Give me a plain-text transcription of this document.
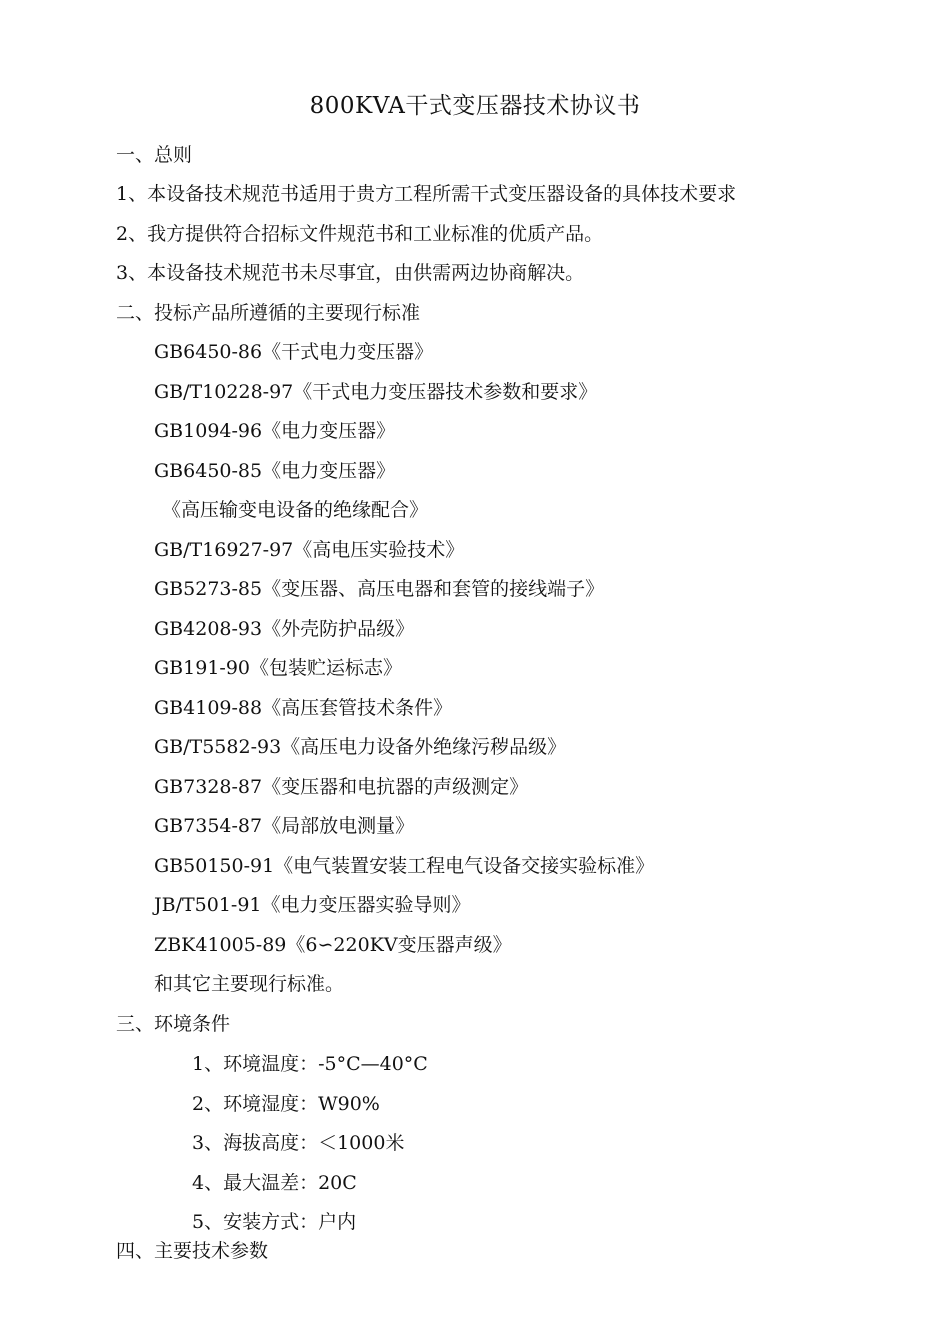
800KVA干式变压器技术协议书
一、总则
1、本设备技术规范书适用于贵方工程所需干式变压器设备的具体技术要求
2、我方提供符合招标文件规范书和工业标准的优质产品。
3、本设备技术规范书未尽事宜，由供需两边协商解决。
二、投标产品所遵循的主要现行标准
GB6450-86《干式电力变压器》
GB/T10228-97《干式电力变压器技术参数和要求》
GB1094-96《电力变压器》
GB6450-85《电力变压器》
《高压输变电设备的绝缘配合》
GB/T16927-97《高电压实验技术》
GB5273-85《变压器、高压电器和套管的接线端子》
GB4208-93《外壳防护品级》
GB191-90《包装贮运标志》
GB4109-88《高压套管技术条件》
GB/T5582-93《高压电力设备外绝缘污秽品级》
GB7328-87《变压器和电抗器的声级测定》
GB7354-87《局部放电测量》
GB50150-91《电气装置安装工程电气设备交接实验标准》
JB/T501-91《电力变压器实验导则》
ZBK41005-89《6∽220KV变压器声级》
和其它主要现行标准。
三、环境条件
1、环境温度：-5°C—40°C
2、环境湿度：W90%
3、海拔高度：＜1000米
4、最大温差：20C
5、安装方式：户内
四、主要技术参数
